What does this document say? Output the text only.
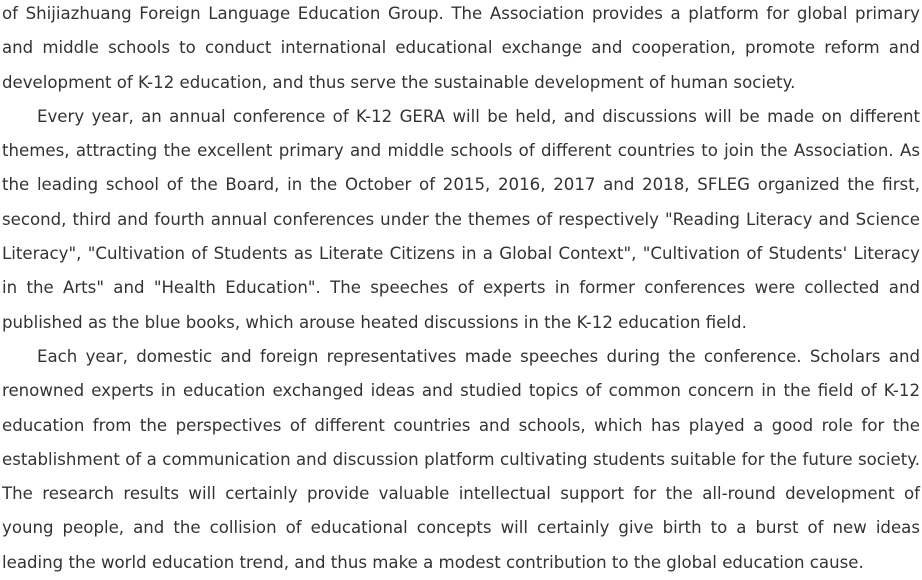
of Shijiazhuang Foreign Language Education Group. The Association provides a platform for global primary and middle schools to conduct international educational exchange and cooperation, promote reform and development of K-12 education, and thus serve the sustainable development of human society.

Every year, an annual conference of K-12 GERA will be held, and discussions will be made on different themes, attracting the excellent primary and middle schools of different countries to join the Association. As the leading school of the Board, in the October of 2015, 2016, 2017 and 2018, SFLEG organized the first, second, third and fourth annual conferences under the themes of respectively "Reading Literacy and Science Literacy", "Cultivation of Students as Literate Citizens in a Global Context", "Cultivation of Students' Literacy in the Arts" and "Health Education". The speeches of experts in former conferences were collected and published as the blue books, which arouse heated discussions in the K-12 education field.

Each year, domestic and foreign representatives made speeches during the conference. Scholars and renowned experts in education exchanged ideas and studied topics of common concern in the field of K-12 education from the perspectives of different countries and schools, which has played a good role for the establishment of a communication and discussion platform cultivating students suitable for the future society. The research results will certainly provide valuable intellectual support for the all-round development of young people, and the collision of educational concepts will certainly give birth to a burst of new ideas leading the world education trend, and thus make a modest contribution to the global education cause.
